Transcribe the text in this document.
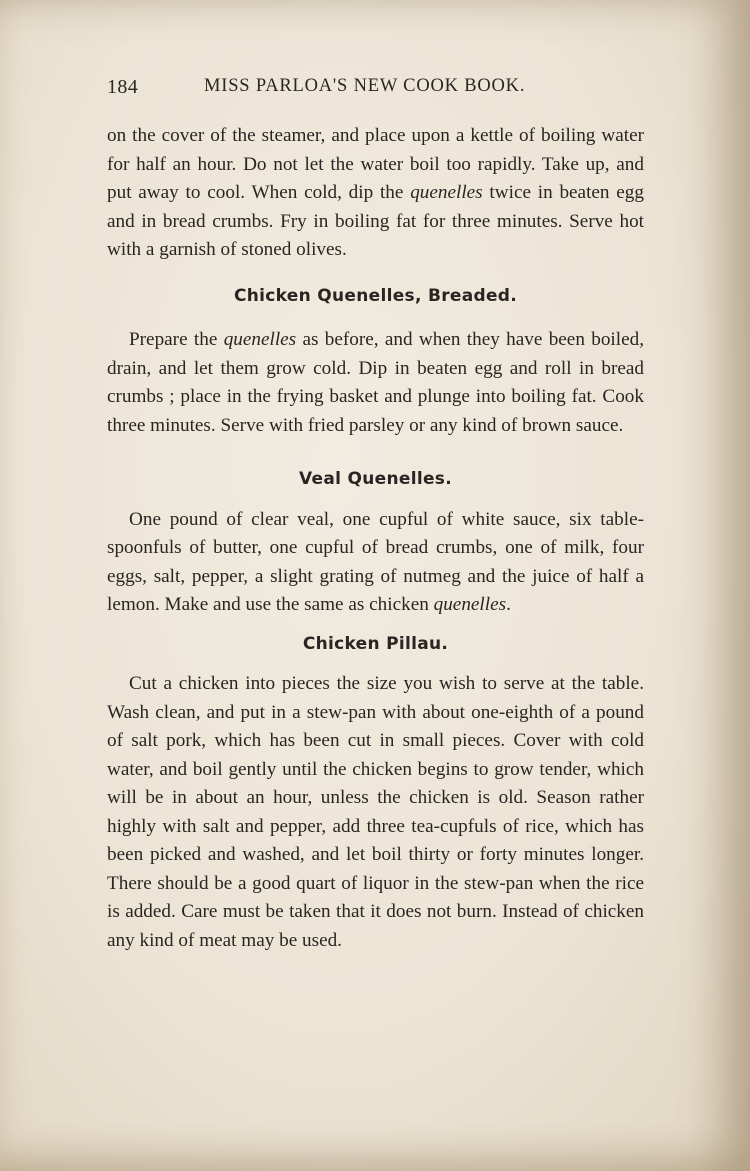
184	MISS PARLOA'S NEW COOK BOOK.

on the cover of the steamer, and place upon a kettle of boiling water for half an hour. Do not let the water boil too rapidly. Take up, and put away to cool. When cold, dip the quenelles twice in beaten egg and in bread crumbs. Fry in boiling fat for three minutes. Serve hot with a garnish of stoned olives.

Chicken Quenelles, Breaded.

Prepare the quenelles as before, and when they have been boiled, drain, and let them grow cold. Dip in beaten egg and roll in bread crumbs ; place in the frying basket and plunge into boiling fat. Cook three minutes. Serve with fried parsley or any kind of brown sauce.

Veal Quenelles.

One pound of clear veal, one cupful of white sauce, six table-spoonfuls of butter, one cupful of bread crumbs, one of milk, four eggs, salt, pepper, a slight grating of nutmeg and the juice of half a lemon. Make and use the same as chicken quenelles.

Chicken Pillau.

Cut a chicken into pieces the size you wish to serve at the table. Wash clean, and put in a stew-pan with about one-eighth of a pound of salt pork, which has been cut in small pieces. Cover with cold water, and boil gently until the chicken begins to grow tender, which will be in about an hour, unless the chicken is old. Season rather highly with salt and pepper, add three tea-cupfuls of rice, which has been picked and washed, and let boil thirty or forty minutes longer. There should be a good quart of liquor in the stew-pan when the rice is added. Care must be taken that it does not burn. Instead of chicken any kind of meat may be used.
